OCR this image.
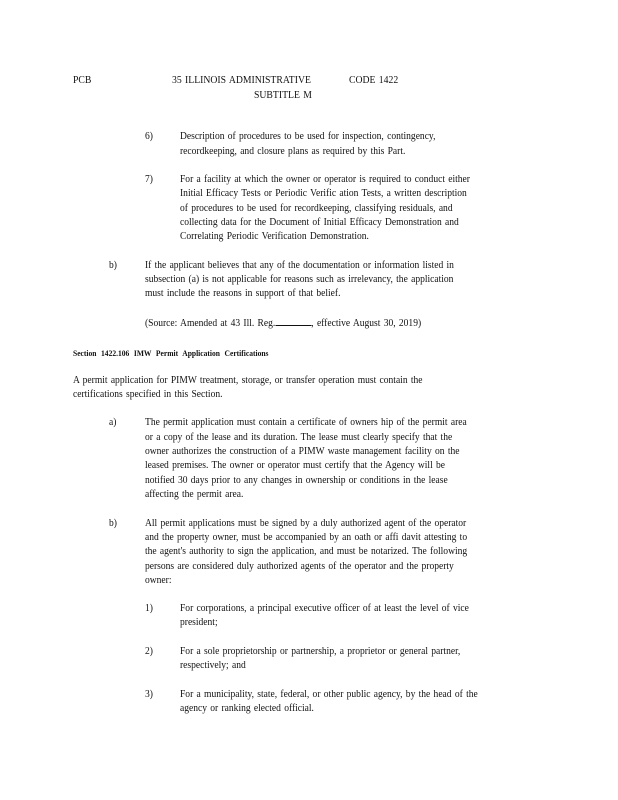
PCB	35 ILLINOIS ADMINISTRATIVE	CODE 1422
SUBTITLE M
6)	Description of procedures to be used for inspection, contingency,
recordkeeping, and closure plans as required by this Part.
7)	For a facility at which the owner or operator is required to conduct either
Initial Efficacy Tests or Periodic Verific ation Tests, a written description
of procedures to be used for recordkeeping, classifying residuals, and
collecting data for the Document of Initial Efficacy Demonstration and
Correlating Periodic Verification Demonstration.
b)	If the applicant believes that any of the documentation or information listed in
subsection (a) is not applicable for reasons such as irrelevancy, the application
must include the reasons in support of that belief.
(Source: Amended at 43 Ill. Reg.	, effective August 30, 2019)
Section 1422.106 IMW Permit Application Certifications
A permit application for PIMW treatment, storage, or transfer operation must contain the
certifications specified in this Section.
a)	The permit application must contain a certificate of owners hip of the permit area
or a copy of the lease and its duration. The lease must clearly specify that the
owner authorizes the construction of a PIMW waste management facility on the
leased premises. The owner or operator must certify that the Agency will be
notified 30 days prior to any changes in ownership or conditions in the lease
affecting the permit area.
b)	All permit applications must be signed by a duly authorized agent of the operator
and the property owner, must be accompanied by an oath or affi davit attesting to
the agent's authority to sign the application, and must be notarized. The following
persons are considered duly authorized agents of the operator and the property
owner:
1)	For corporations, a principal executive officer of at least the level of vice
president;
2)	For a sole proprietorship or partnership, a proprietor or general partner,
respectively; and
3)	For a municipality, state, federal, or other public agency, by the head of the
agency or ranking elected official.
